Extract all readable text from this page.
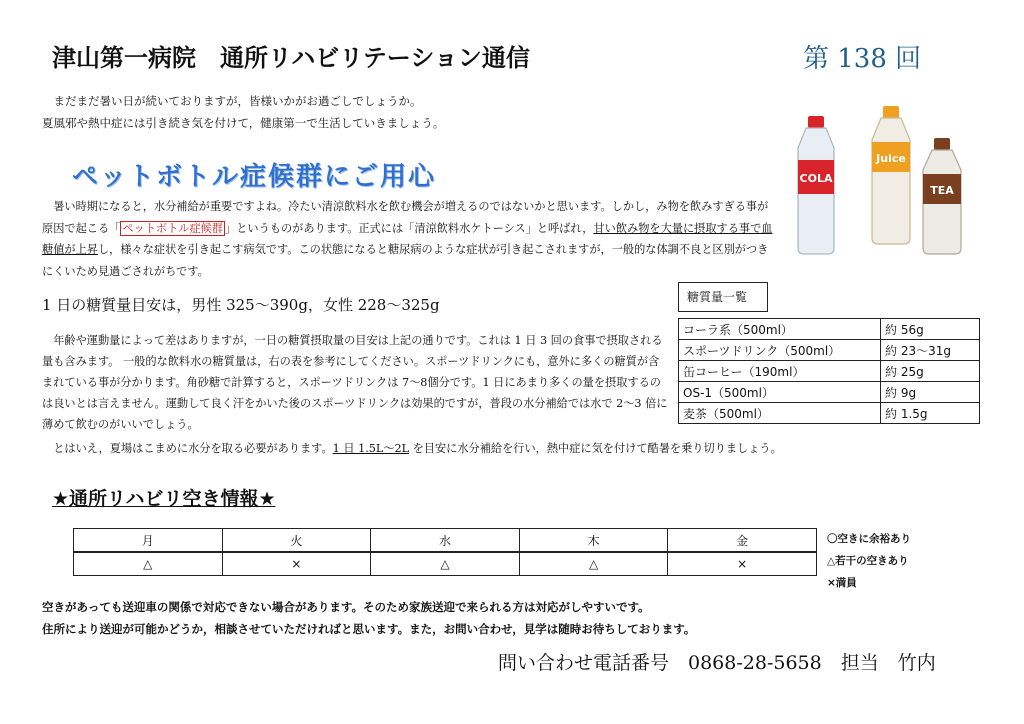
津山第一病院　通所リハビリテーション通信	第 138 回
　まだまだ暑い日が続いておりますが，皆様いかがお過ごしでしょうか。
夏風邪や熱中症には引き続き気を付けて，健康第一で生活していきましょう。
ペットボトル症候群にご用心	COLA
Juice
TEA
　暑い時期になると，水分補給が重要ですよね。冷たい清涼飲料水を飲む機会が増えるのではないかと思います。しかし，み物を飲みすぎる事が原因で起こる「 ペットボトル症候群 」というものがあります。正式には「清涼飲料水ケトーシス」と呼ばれ，甘い飲み物を大量に摂取する事で血糖値が上昇し，様々な症状を引き起こす病気です。この状態になると糖尿病のような症状が引き起こされますが，一般的な体調不良と区別がつきにくいため見過ごされがちです。
1 日の糖質量目安は，男性 325～390g，女性 228～325g
　年齢や運動量によって差はありますが，一日の糖質摂取量の目安は上記の通りです。これは 1 日 3 回の食事で摂取される量も含みます。 一般的な飲料水の糖質量は，右の表を参考にしてください。スポーツドリンクにも，意外に多くの糖質が含まれている事が分かります。角砂糖で計算すると，スポーツドリンクは 7～8個分です。1 日にあまり多くの量を摂取するのは良いとは言えません。運動して良く汗をかいた後のスポーツドリンクは効果的ですが，普段の水分補給では水で 2～3 倍に薄めて飲むのがいいでしょう。
　とはいえ，夏場はこまめに水分を取る必要があります。1 日 1.5L～2L を目安に水分補給を行い，熱中症に気を付けて酷暑を乗り切りましょう。
糖質量一覧
コーラ系（500ml）	約 56g
スポーツドリンク（500ml）	約 23～31g
缶コーヒー（190ml）	約 25g
OS-1（500ml）	約 9g
麦茶（500ml）	約 1.5g
★通所リハビリ空き情報★
月	火	水	木	金
△	×	△	△	×
〇空きに余裕あり
△若干の空きあり
×満員
空きがあっても送迎車の関係で対応できない場合があります。そのため家族送迎で来られる方は対応がしやすいです。
住所により送迎が可能かどうか，相談させていただければと思います。また，お問い合わせ，見学は随時お待ちしております。
問い合わせ電話番号　0868-28-5658　担当　竹内
